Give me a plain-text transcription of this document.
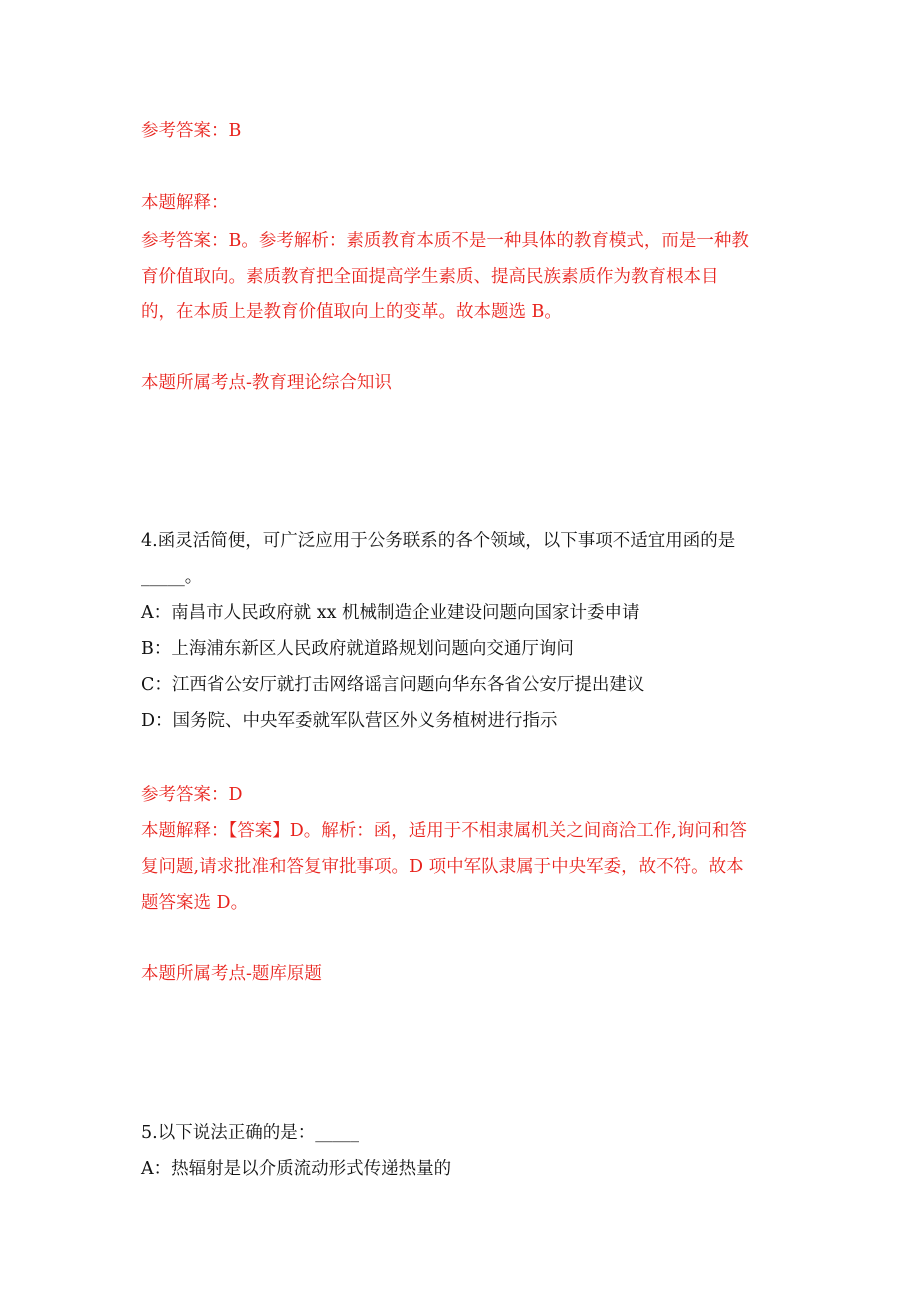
参考答案：B
本题解释：
参考答案：B。参考解析：素质教育本质不是一种具体的教育模式，而是一种教
育价值取向。素质教育把全面提高学生素质、提高民族素质作为教育根本目
的，在本质上是教育价值取向上的变革。故本题选 B。
本题所属考点-教育理论综合知识
4.函灵活简便，可广泛应用于公务联系的各个领域，以下事项不适宜用函的是
_____。
A：南昌市人民政府就 xx 机械制造企业建设问题向国家计委申请
B：上海浦东新区人民政府就道路规划问题向交通厅询问
C：江西省公安厅就打击网络谣言问题向华东各省公安厅提出建议
D：国务院、中央军委就军队营区外义务植树进行指示
参考答案：D
本题解释：【答案】D。解析：函，适用于不相隶属机关之间商洽工作,询问和答
复问题,请求批准和答复审批事项。D 项中军队隶属于中央军委，故不符。故本
题答案选 D。
本题所属考点-题库原题
5.以下说法正确的是：_____
A：热辐射是以介质流动形式传递热量的
